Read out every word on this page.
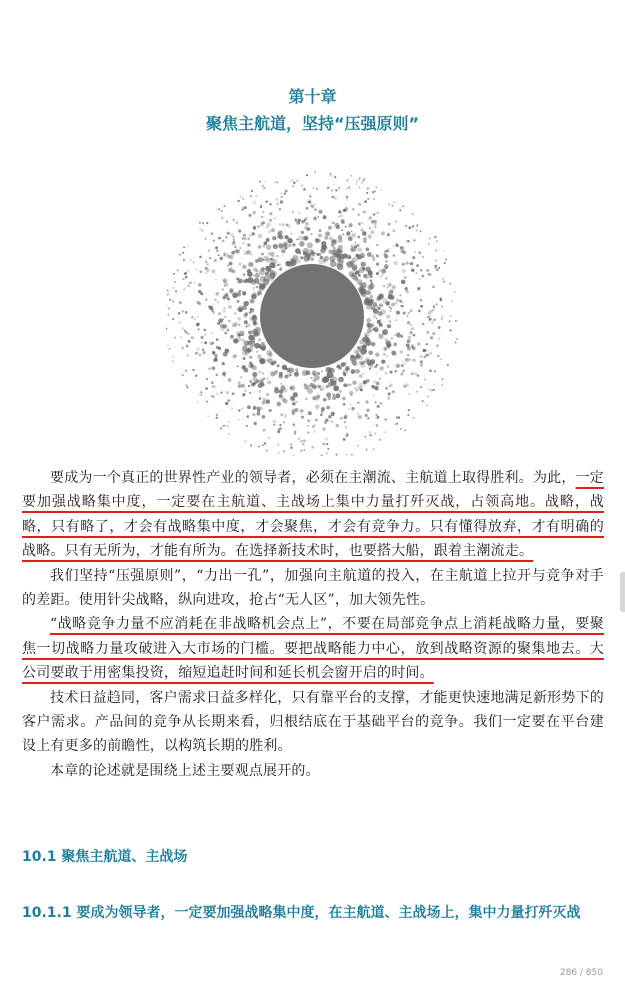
第十章
聚焦主航道，坚持“压强原则”

要成为一个真正的世界性产业的领导者，必须在主潮流、主航道上取得胜利。为此，一定要加强战略集中度，一定要在主航道、主战场上集中力量打歼灭战，占领高地。战略，战略，只有略了，才会有战略集中度，才会聚焦，才会有竞争力。只有懂得放弃，才有明确的战略。只有无所为，才能有所为。在选择新技术时，也要搭大船，跟着主潮流走。

我们坚持“压强原则”，“力出一孔”，加强向主航道的投入，在主航道上拉开与竞争对手的差距。使用针尖战略，纵向进攻，抢占“无人区”，加大领先性。

“战略竞争力量不应消耗在非战略机会点上”，不要在局部竞争点上消耗战略力量，要聚焦一切战略力量攻破进入大市场的门槛。要把战略能力中心，放到战略资源的聚集地去。大公司要敢于用密集投资，缩短追赶时间和延长机会窗开启的时间。

技术日益趋同，客户需求日益多样化，只有靠平台的支撑，才能更快速地满足新形势下的客户需求。产品间的竞争从长期来看，归根结底在于基础平台的竞争。我们一定要在平台建设上有更多的前瞻性，以构筑长期的胜利。

本章的论述就是围绕上述主要观点展开的。

10.1 聚焦主航道、主战场
10.1.1 要成为领导者，一定要加强战略集中度，在主航道、主战场上，集中力量打歼灭战
286 / 850
